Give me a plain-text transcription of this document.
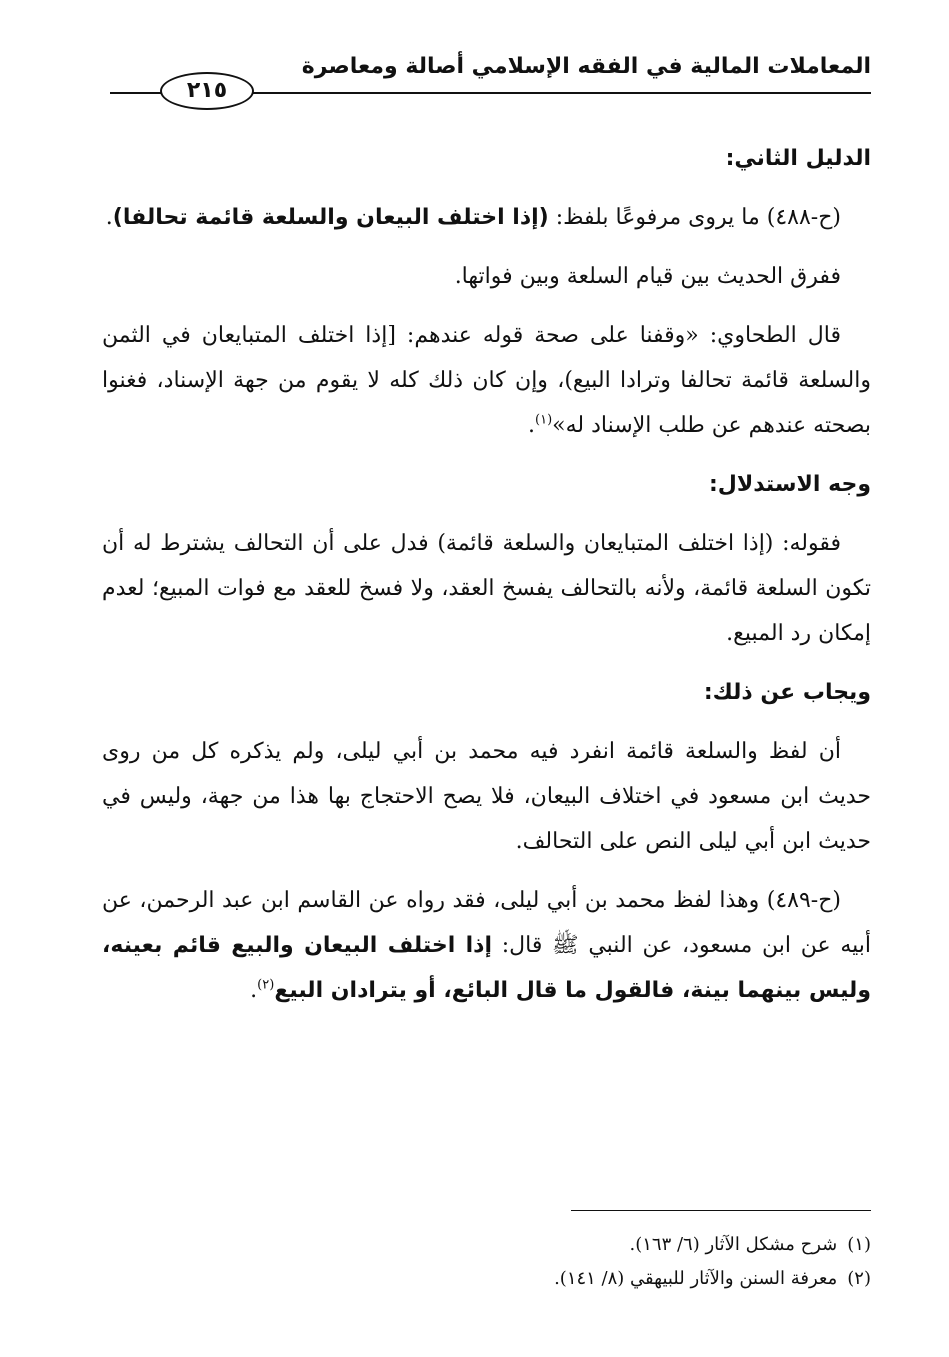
المعاملات المالية في الفقه الإسلامي أصالة ومعاصرة
٢١٥
الدليل الثاني:

(ح-٤٨٨) ما يروى مرفوعًا بلفظ: (إذا اختلف البيعان والسلعة قائمة تحالفا).

ففرق الحديث بين قيام السلعة وبين فواتها.

قال الطحاوي: «وقفنا على صحة قوله عندهم: [إذا اختلف المتبايعان في الثمن والسلعة قائمة تحالفا وترادا البيع)، وإن كان ذلك كله لا يقوم من جهة الإسناد، فغنوا بصحته عندهم عن طلب الإسناد له»$^{(١)}$.

وجه الاستدلال:

فقوله: (إذا اختلف المتبايعان والسلعة قائمة) فدل على أن التحالف يشترط له أن تكون السلعة قائمة، ولأنه بالتحالف يفسخ العقد، ولا فسخ للعقد مع فوات المبيع؛ لعدم إمكان رد المبيع.

ويجاب عن ذلك:

أن لفظ والسلعة قائمة انفرد فيه محمد بن أبي ليلى، ولم يذكره كل من روى حديث ابن مسعود في اختلاف البيعان، فلا يصح الاحتجاج بها هذا من جهة، وليس في حديث ابن أبي ليلى النص على التحالف.

(ح-٤٨٩) وهذا لفظ محمد بن أبي ليلى، فقد رواه عن القاسم ابن عبد الرحمن، عن أبيه عن ابن مسعود، عن النبي ﷺ قال: إذا اختلف البيعان والبيع قائم بعينه، وليس بينهما بينة، فالقول ما قال البائع، أو يترادان البيع$^{(٢)}$.

(١)شرح مشكل الآثار (٦/ ١٦٣).
(٢)معرفة السنن والآثار للبيهقي (٨/ ١٤١).
